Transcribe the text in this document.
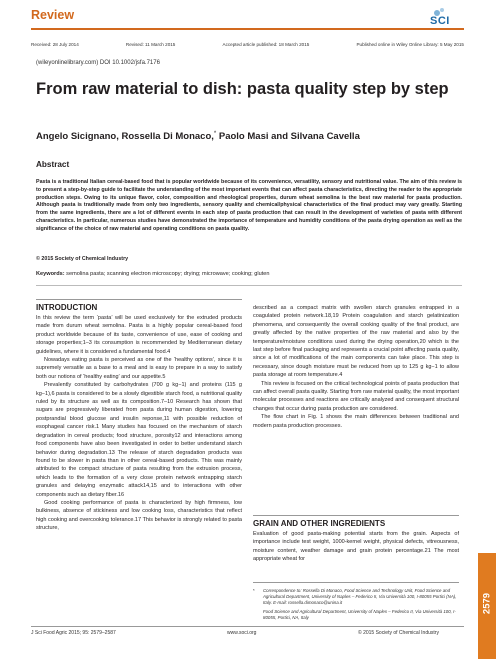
Review	SCI
Received: 28 July 2014	Revised: 11 March 2015	Accepted article published: 18 March 2015	Published online in Wiley Online Library: 5 May 2015
(wileyonlinelibrary.com) DOI 10.1002/jsfa.7176
From raw material to dish: pasta quality step by step
Angelo Sicignano, Rossella Di Monaco,* Paolo Masi and Silvana Cavella
Abstract
Pasta is a traditional Italian cereal-based food that is popular worldwide because of its convenience, versatility, sensory and nutritional value. The aim of this review is to present a step-by-step guide to facilitate the understanding of the most important events that can affect pasta characteristics, directing the reader to the appropriate production steps. Owing to its unique flavor, color, composition and rheological properties, durum wheat semolina is the best raw material for pasta production. Although pasta is traditionally made from only two ingredients, sensory quality and chemical/physical characteristics of the final product may vary greatly. Starting from the same ingredients, there are a lot of different events in each step of pasta production that can result in the development of varieties of pasta with different characteristics. In particular, numerous studies have demonstrated the importance of temperature and humidity conditions of the pasta drying operation as well as the significance of the choice of raw material and operating conditions on pasta quality.
© 2015 Society of Chemical Industry
Keywords: semolina pasta; scanning electron microscopy; drying; microwave; cooking; gluten
INTRODUCTION

In this review the term ‘pasta’ will be used exclusively for the extruded products made from durum wheat semolina. Pasta is a highly popular cereal-based food product worldwide because of its taste, convenience of use, ease of cooking and storage properties;1–3 its consumption is recommended by Mediterranean dietary guidelines, where it is considered a fundamental food.4

Nowadays eating pasta is perceived as one of the ‘healthy options’, since it is supremely versatile as a base to a meal and is easy to prepare in a way to satisfy both our notions of ‘healthy eating’ and our appetite.5

Prevalently constituted by carbohydrates (700 g kg−1) and proteins (115 g kg−1),6 pasta is considered to be a slowly digestible starch food, a nutritional quality ruled by its structure as well as its composition.7–10 Research has shown that sugars are progressively liberated from pasta during human digestion, lowering postprandial blood glucose and insulin reponse,11 with possible reduction of esophageal cancer risk.1 Many studies has focused on the mechanism of starch degradation in cereal products; food structure, porosity12 and interactions among food components have also been investigated in order to better understand starch behavior during degradation.13 The release of starch degradation products was found to be slower in pasta than in other cereal-based products. This was mainly attributed to the compact structure of pasta resulting from the extrusion process, which leads to the formation of a very close protein network entrapping starch granules and delaying enzymatic attack14,15 and to interactions with other components such as dietary fiber.16

Good cooking performance of pasta is characterized by high firmness, low bulkiness, absence of stickiness and low cooking loss, characteristics that reflect high cooking and overcooking tolerance.17 This behavior is strongly related to pasta structure,

described as a compact matrix with swollen starch granules entrapped in a coagulated protein network.18,19 Protein coagulation and starch gelatinization phenomena, and consequently the overall cooking quality of the final product, are greatly affected by the native properties of the raw material and also by the temperature/moisture conditions used during the drying operation,20 which is the last step before final packaging and represents a crucial point affecting pasta quality, since a lot of modifications of the main components can take place. This step is necessary, since dough moisture must be reduced from up to 125 g kg−1 to allow pasta storage at room temperature.4

This review is focused on the critical technological points of pasta production that can affect overall pasta quality. Starting from raw material quality, the most important molecular processes and reactions are critically analyzed and consequent structural changes that occur during pasta production are considered.

The flow chart in Fig. 1 shows the main differences between traditional and modern pasta production processes.

GRAIN AND OTHER INGREDIENTS

Evaluation of good pasta-making potential starts from the grain. Aspects of importance include test weight, 1000-kernel weight, physical defects, vitreousness, moisture content, weather damage and grain protein percentage.21 The most appropriate wheat for

* Correspondence to: Rossella Di Monaco, Food Science and Technology Unit, Food Science and Agricultural Department, University of Naples – Federico II, Via Università 100, I-80055 Portici (NA), Italy. E-mail: rossella.dimonaco@unina.it
Food Science and Agricultural Department, University of Naples – Federico II, Via Università 100, I-80055, Portici, NA, Italy
J Sci Food Agric 2015; 95: 2579–2587	www.soci.org	© 2015 Society of Chemical Industry
2579
